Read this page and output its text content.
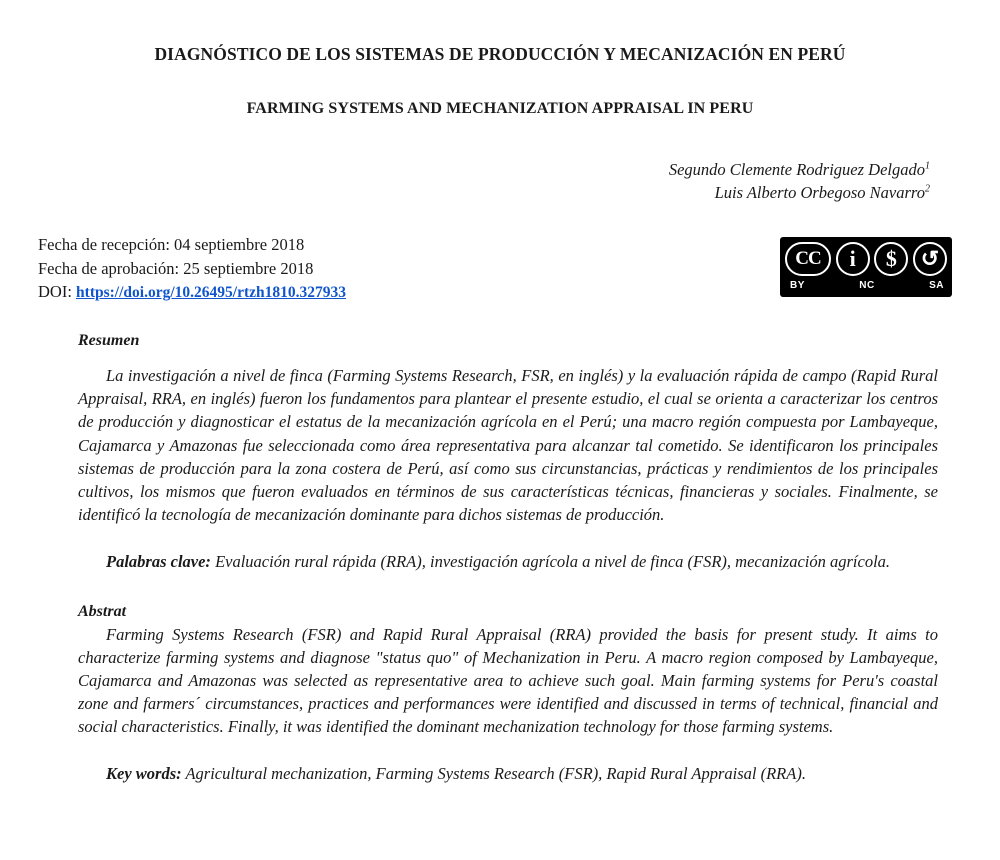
DIAGNÓSTICO DE LOS SISTEMAS DE PRODUCCIÓN Y MECANIZACIÓN EN PERÚ
FARMING SYSTEMS AND MECHANIZATION APPRAISAL IN PERU
Segundo Clemente Rodriguez Delgado$^1$
Luis Alberto Orbegoso Navarro$^2$
Fecha de recepción: 04 septiembre 2018
Fecha de aprobación: 25 septiembre 2018
DOI: https://doi.org/10.26495/rtzh1810.327933
CC	i	$	↺
BY	NC	SA
Resumen

La investigación a nivel de finca (Farming Systems Research, FSR, en inglés) y la evaluación rápida de campo (Rapid Rural Appraisal, RRA, en inglés) fueron los fundamentos para plantear el presente estudio, el cual se orienta a caracterizar los centros de producción y diagnosticar el estatus de la mecanización agrícola en el Perú; una macro región compuesta por Lambayeque, Cajamarca y Amazonas fue seleccionada como área representativa para alcanzar tal cometido. Se identificaron los principales sistemas de producción para la zona costera de Perú, así como sus circunstancias, prácticas y rendimientos de los principales cultivos, los mismos que fueron evaluados en términos de sus características técnicas, financieras y sociales. Finalmente, se identificó la tecnología de mecanización dominante para dichos sistemas de producción.

Palabras clave: Evaluación rural rápida (RRA), investigación agrícola a nivel de finca (FSR), mecanización agrícola.

Abstrat

Farming Systems Research (FSR) and Rapid Rural Appraisal (RRA) provided the basis for present study. It aims to characterize farming systems and diagnose "status quo" of Mechanization in Peru. A macro region composed by Lambayeque, Cajamarca and Amazonas was selected as representative area to achieve such goal. Main farming systems for Peru's coastal zone and farmers´ circumstances, practices and performances were identified and discussed in terms of technical, financial and social characteristics. Finally, it was identified the dominant mechanization technology for those farming systems.

Key words: Agricultural mechanization, Farming Systems Research (FSR), Rapid Rural Appraisal (RRA).
